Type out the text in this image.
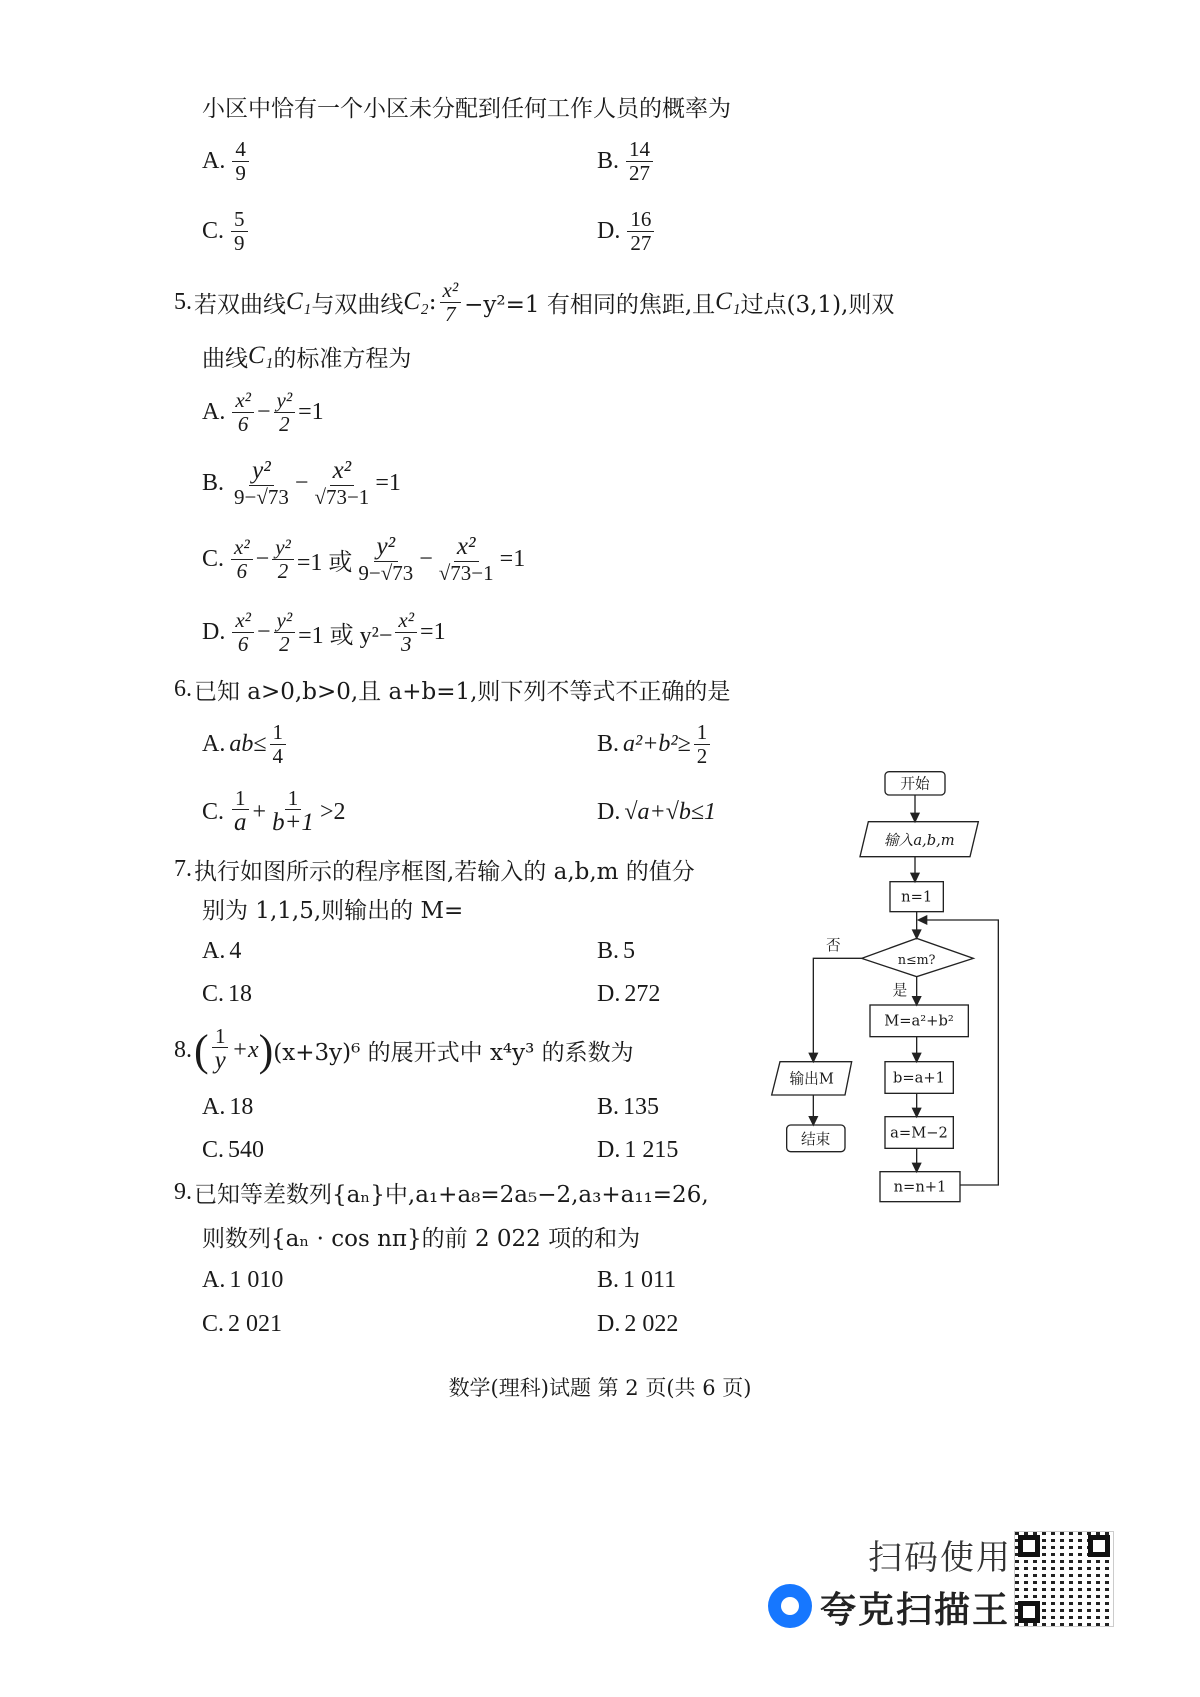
小区中恰有一个小区未分配到任何工作人员的概率为
A. $\frac{4}{9}$	B. $\frac{14}{27}$
C. $\frac{5}{9}$	D. $\frac{16}{27}$
5. 若双曲线 C₁ 与双曲线 C₂ : $\frac{\text{x²}}{7} -y^2=1$ 有相同的焦距,且 C₁ 过点(3,1),则双
曲线 C₁ 的标准方程为
A. $\frac{\text{x²}}{6} - \frac{\text{y²}}{2} =1$
B. $\frac{\text{y²}}{9-√73} - \frac{\text{x²}}{√73-1} =1$
C. $\frac{\text{x²}}{6} - \frac{\text{y²}}{2} =1$ 或 $\frac{\text{y²}}{9-√73} - \frac{\text{x²}}{√73-1} =1$
D. $\frac{\text{x²}}{6} - \frac{\text{y²}}{2} =1$ 或 $y^2- \frac{\text{x²}}{3} =1$
6. 已知 a>0,b>0,且 a+b=1,则下列不等式不正确的是
A. $ab\le \frac{1}{4}$	B. $a^2+b^2\ge \frac{1}{2}$
C. $\frac{1}{a} + \frac{1}{b+1} >2$	D. √a+√b≤1
7. 执行如图所示的程序框图,若输入的 a,b,m 的值分
别为 1,1,5,则输出的 M=
A. 4	B. 5
C. 18	D. 272
8. ( $\frac{1}{y} +x$ ) (x+3y)⁶ 的展开式中 x⁴y³ 的系数为
A. 18	B. 135
C. 540	D. 1 215
9. 已知等差数列{aₙ}中,a₁+a₈=2a₅−2,a₃+a₁₁=26,
则数列{aₙ · cos nπ}的前 2 022 项的和为
A. 1 010	B. 1 011
C. 2 021	D. 2 022
开始
输入a,b,m
n=1
n≤m?
否
是
M=a²+b²
b=a+1
a=M−2
n=n+1
输出M
结束
数学(理科)试题 第 2 页(共 6 页)
扫码使用
夸克扫描王
